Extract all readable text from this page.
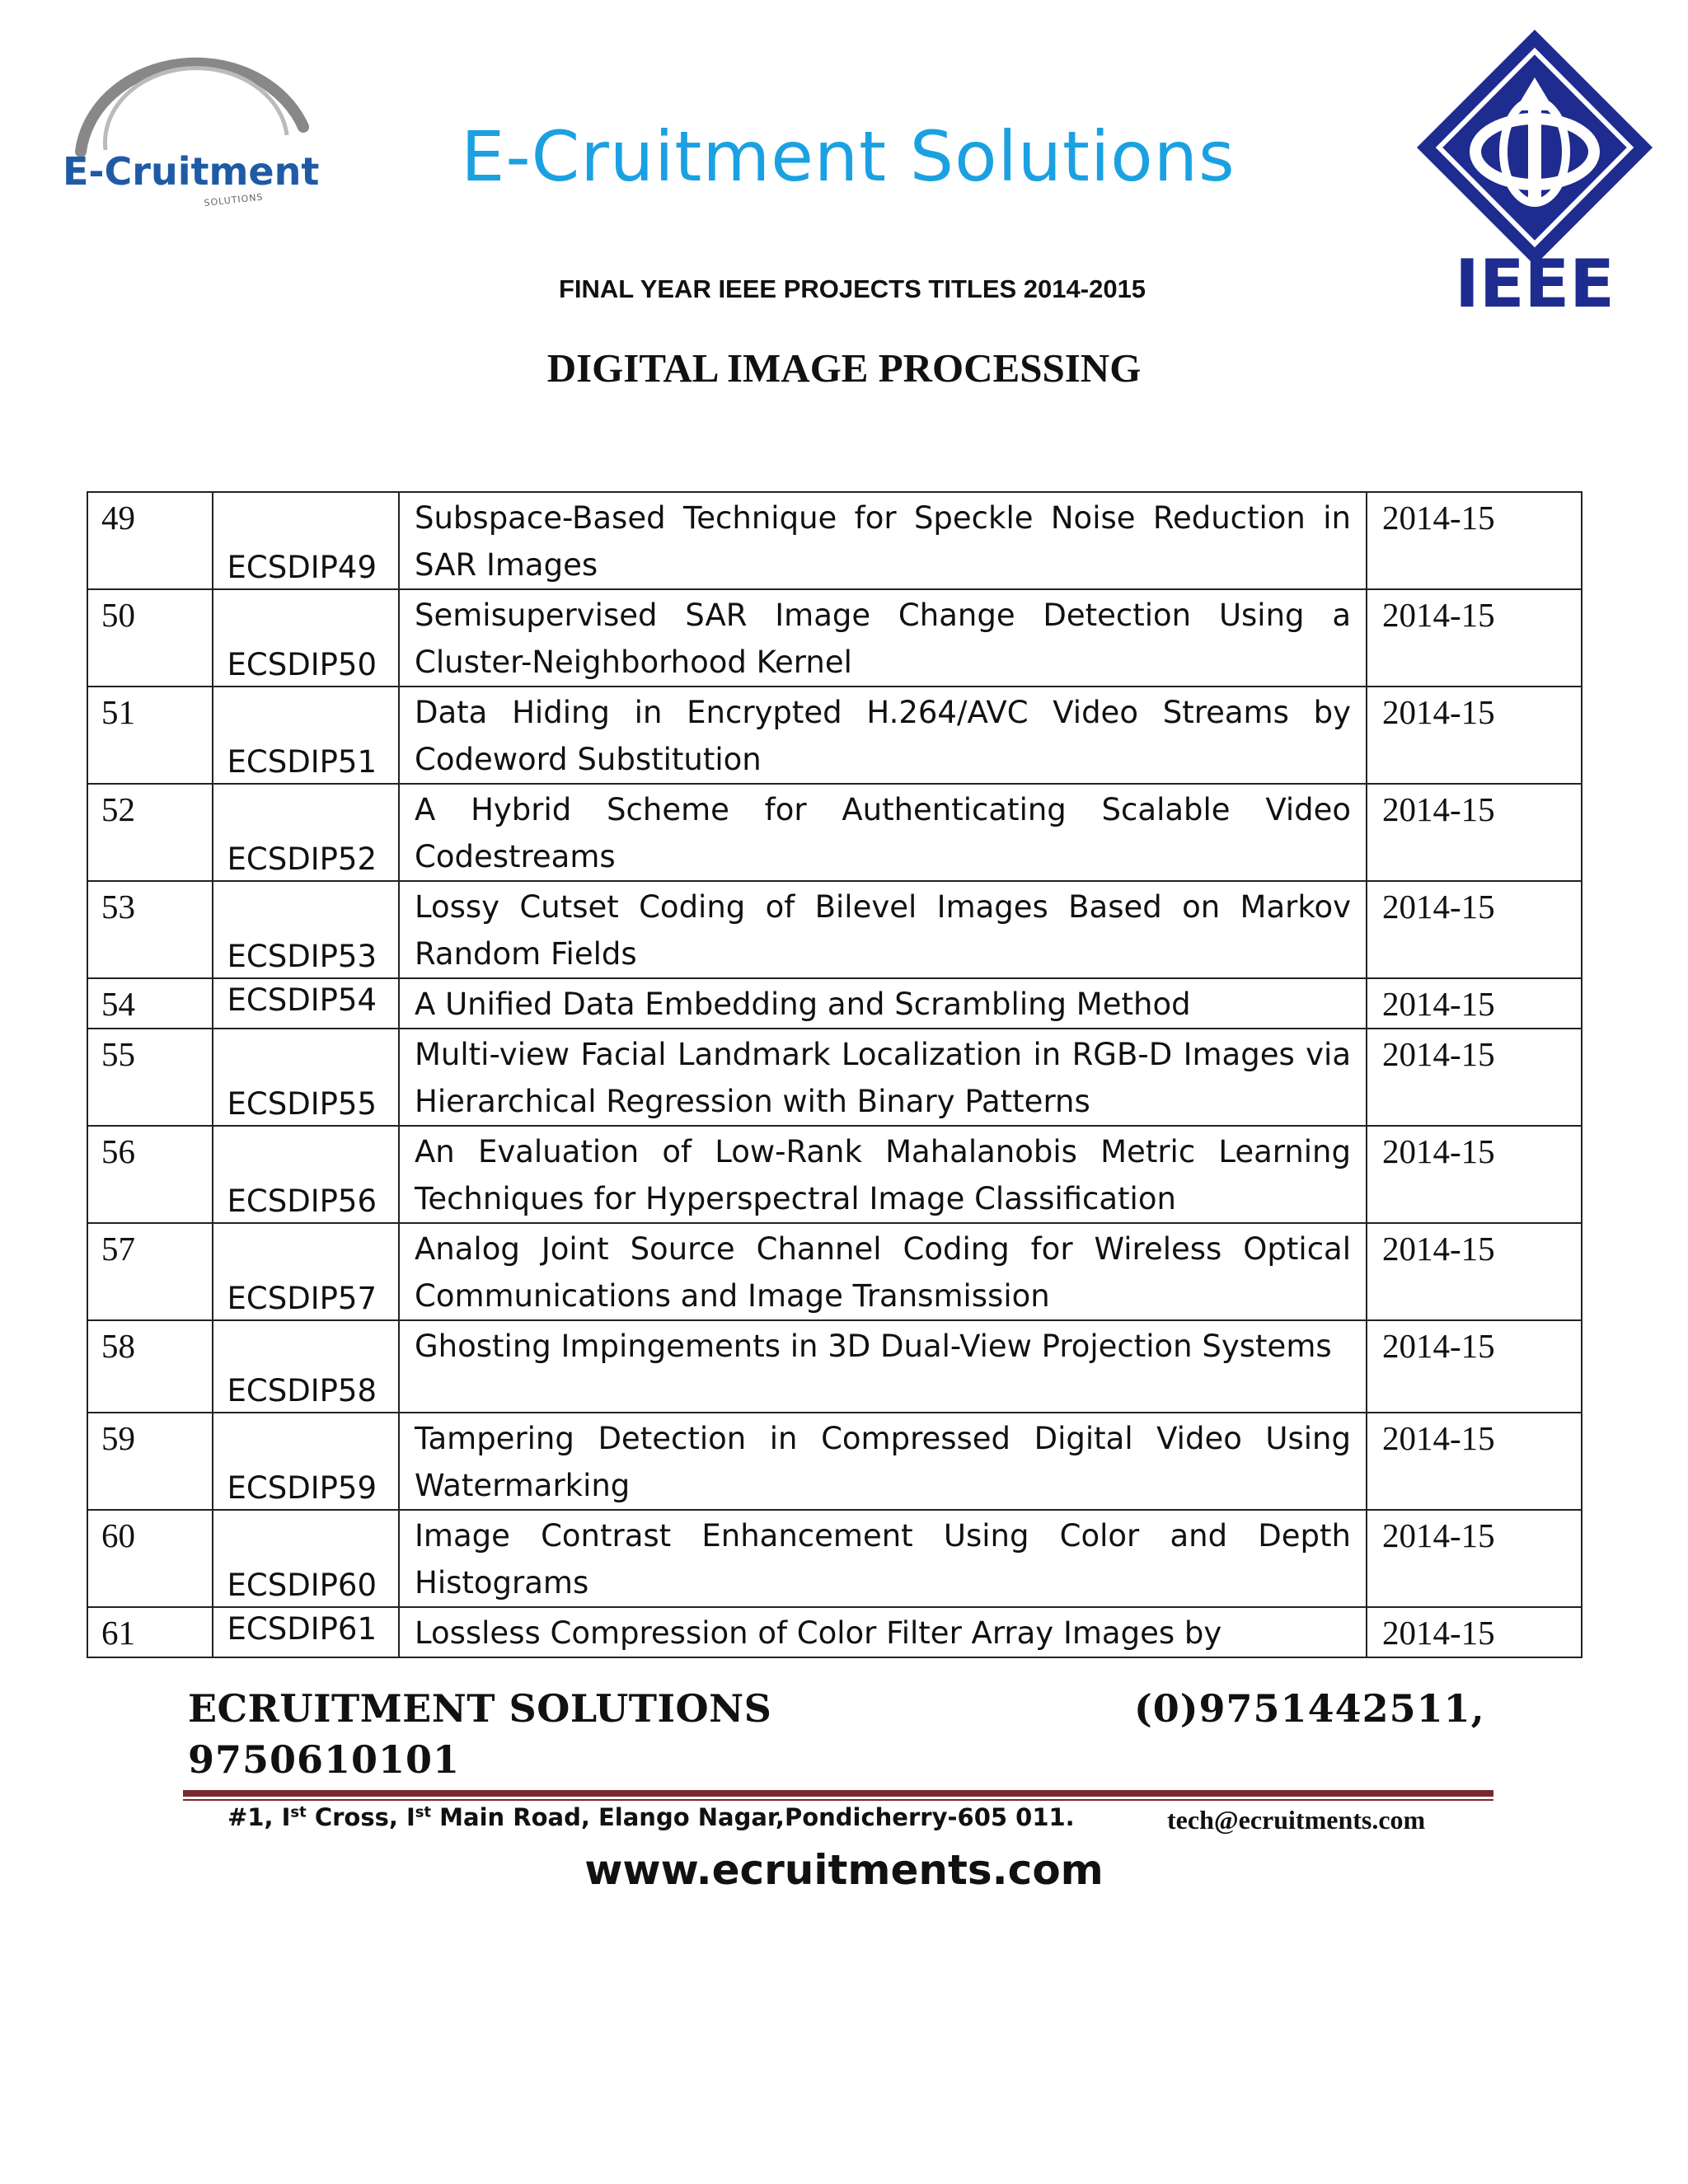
E-Cruitment
SOLUTIONS
E-Cruitment Solutions
IEEE
FINAL YEAR IEEE PROJECTS TITLES 2014-2015
DIGITAL IMAGE PROCESSING
49	ECSDIP49	Subspace-Based Technique for Speckle Noise Reduction in SAR Images	2014-15
50	ECSDIP50	Semisupervised SAR Image Change Detection Using a Cluster-Neighborhood Kernel	2014-15
51	ECSDIP51	Data Hiding in Encrypted H.264/AVC Video Streams by Codeword Substitution	2014-15
52	ECSDIP52	A Hybrid Scheme for Authenticating Scalable Video Codestreams	2014-15
53	ECSDIP53	Lossy Cutset Coding of Bilevel Images Based on Markov Random Fields	2014-15
54	ECSDIP54	A Unified Data Embedding and Scrambling Method	2014-15
55	ECSDIP55	Multi-view Facial Landmark Localization in RGB-D Images via Hierarchical Regression with Binary Patterns	2014-15
56	ECSDIP56	An Evaluation of Low-Rank Mahalanobis Metric Learning Techniques for Hyperspectral Image Classification	2014-15
57	ECSDIP57	Analog Joint Source Channel Coding for Wireless Optical Communications and Image Transmission	2014-15
58	ECSDIP58	Ghosting Impingements in 3D Dual-View Projection Systems	2014-15
59	ECSDIP59	Tampering Detection in Compressed Digital Video Using Watermarking	2014-15
60	ECSDIP60	Image Contrast Enhancement Using Color and Depth Histograms	2014-15
61	ECSDIP61	Lossless Compression of Color Filter Array Images by	2014-15
ECRUITMENT SOLUTIONS	(0)9751442511,
9750610101
#1, Ist Cross, Ist Main Road, Elango Nagar,Pondicherry-605 011.	tech@ecruitments.com
www.ecruitments.com
